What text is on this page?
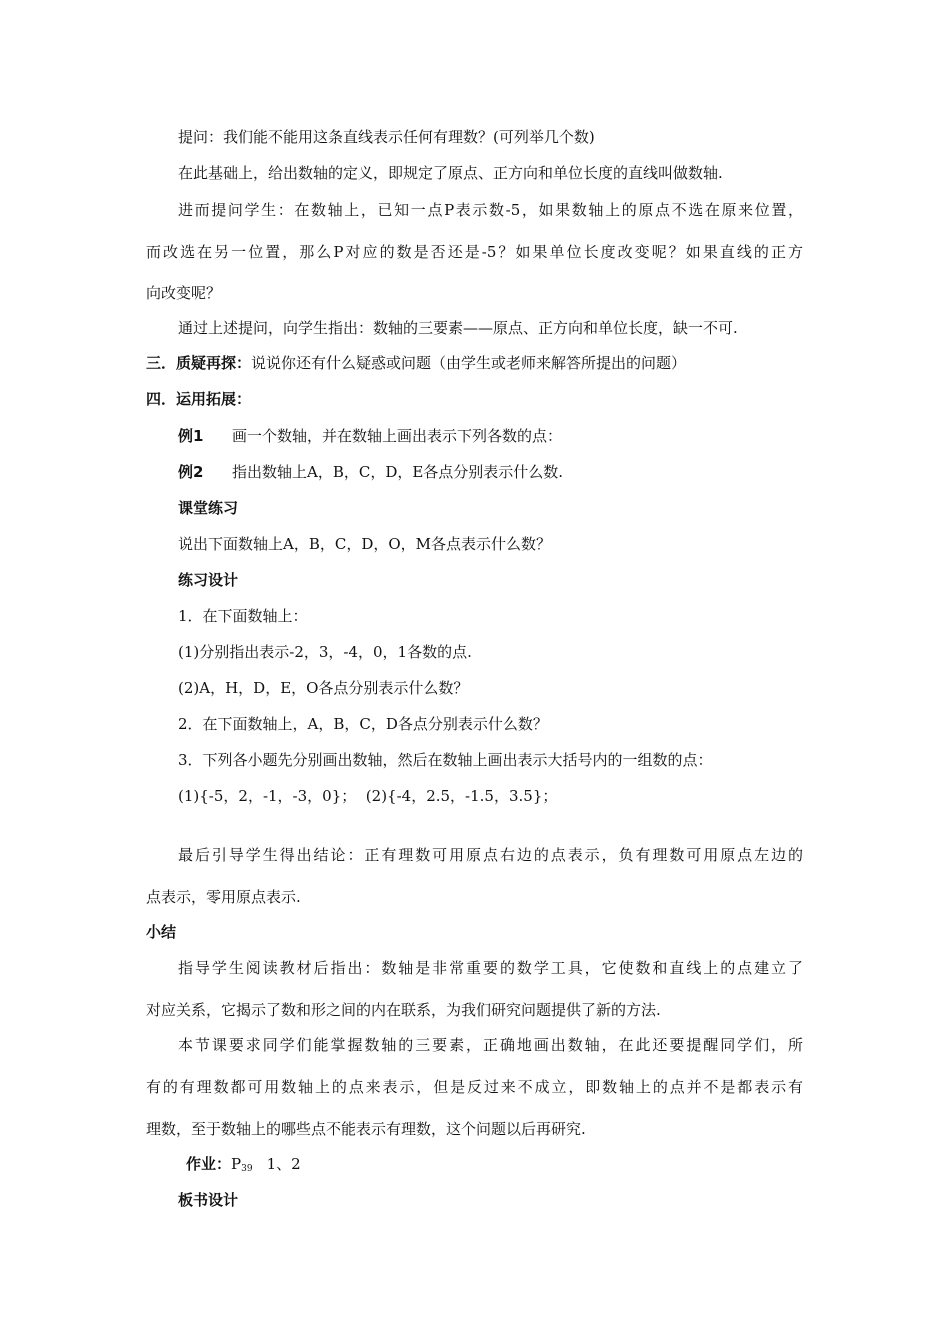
提问：我们能不能用这条直线表示任何有理数？(可列举几个数)
在此基础上，给出数轴的定义，即规定了原点、正方向和单位长度的直线叫做数轴.
进而提问学生：在数轴上，已知一点P表示数-5，如果数轴上的原点不选在原来位置，
而改选在另一位置，那么P对应的数是否还是-5？如果单位长度改变呢？如果直线的正方
向改变呢？
通过上述提问，向学生指出：数轴的三要素——原点、正方向和单位长度，缺一不可.
三．质疑再探：说说你还有什么疑惑或问题（由学生或老师来解答所提出的问题）
四．运用拓展：
例1 画一个数轴，并在数轴上画出表示下列各数的点：
例2 指出数轴上A，B，C，D，E各点分别表示什么数.
课堂练习
说出下面数轴上A，B，C，D，O，M各点表示什么数？
练习设计
1．在下面数轴上：
(1)分别指出表示-2，3，-4，0，1各数的点.
(2)A，H，D，E，O各点分别表示什么数？
2．在下面数轴上，A，B，C，D各点分别表示什么数？
3．下列各小题先分别画出数轴，然后在数轴上画出表示大括号内的一组数的点：
(1){-5，2，-1，-3，0}；  (2){-4，2.5，-1.5，3.5}；
最后引导学生得出结论：正有理数可用原点右边的点表示，负有理数可用原点左边的
点表示，零用原点表示.
小结
指导学生阅读教材后指出：数轴是非常重要的数学工具，它使数和直线上的点建立了
对应关系，它揭示了数和形之间的内在联系，为我们研究问题提供了新的方法.
本节课要求同学们能掌握数轴的三要素，正确地画出数轴，在此还要提醒同学们，所
有的有理数都可用数轴上的点来表示，但是反过来不成立，即数轴上的点并不是都表示有
理数，至于数轴上的哪些点不能表示有理数，这个问题以后再研究.
作业：$P_{39}$ 1、2
板书设计
